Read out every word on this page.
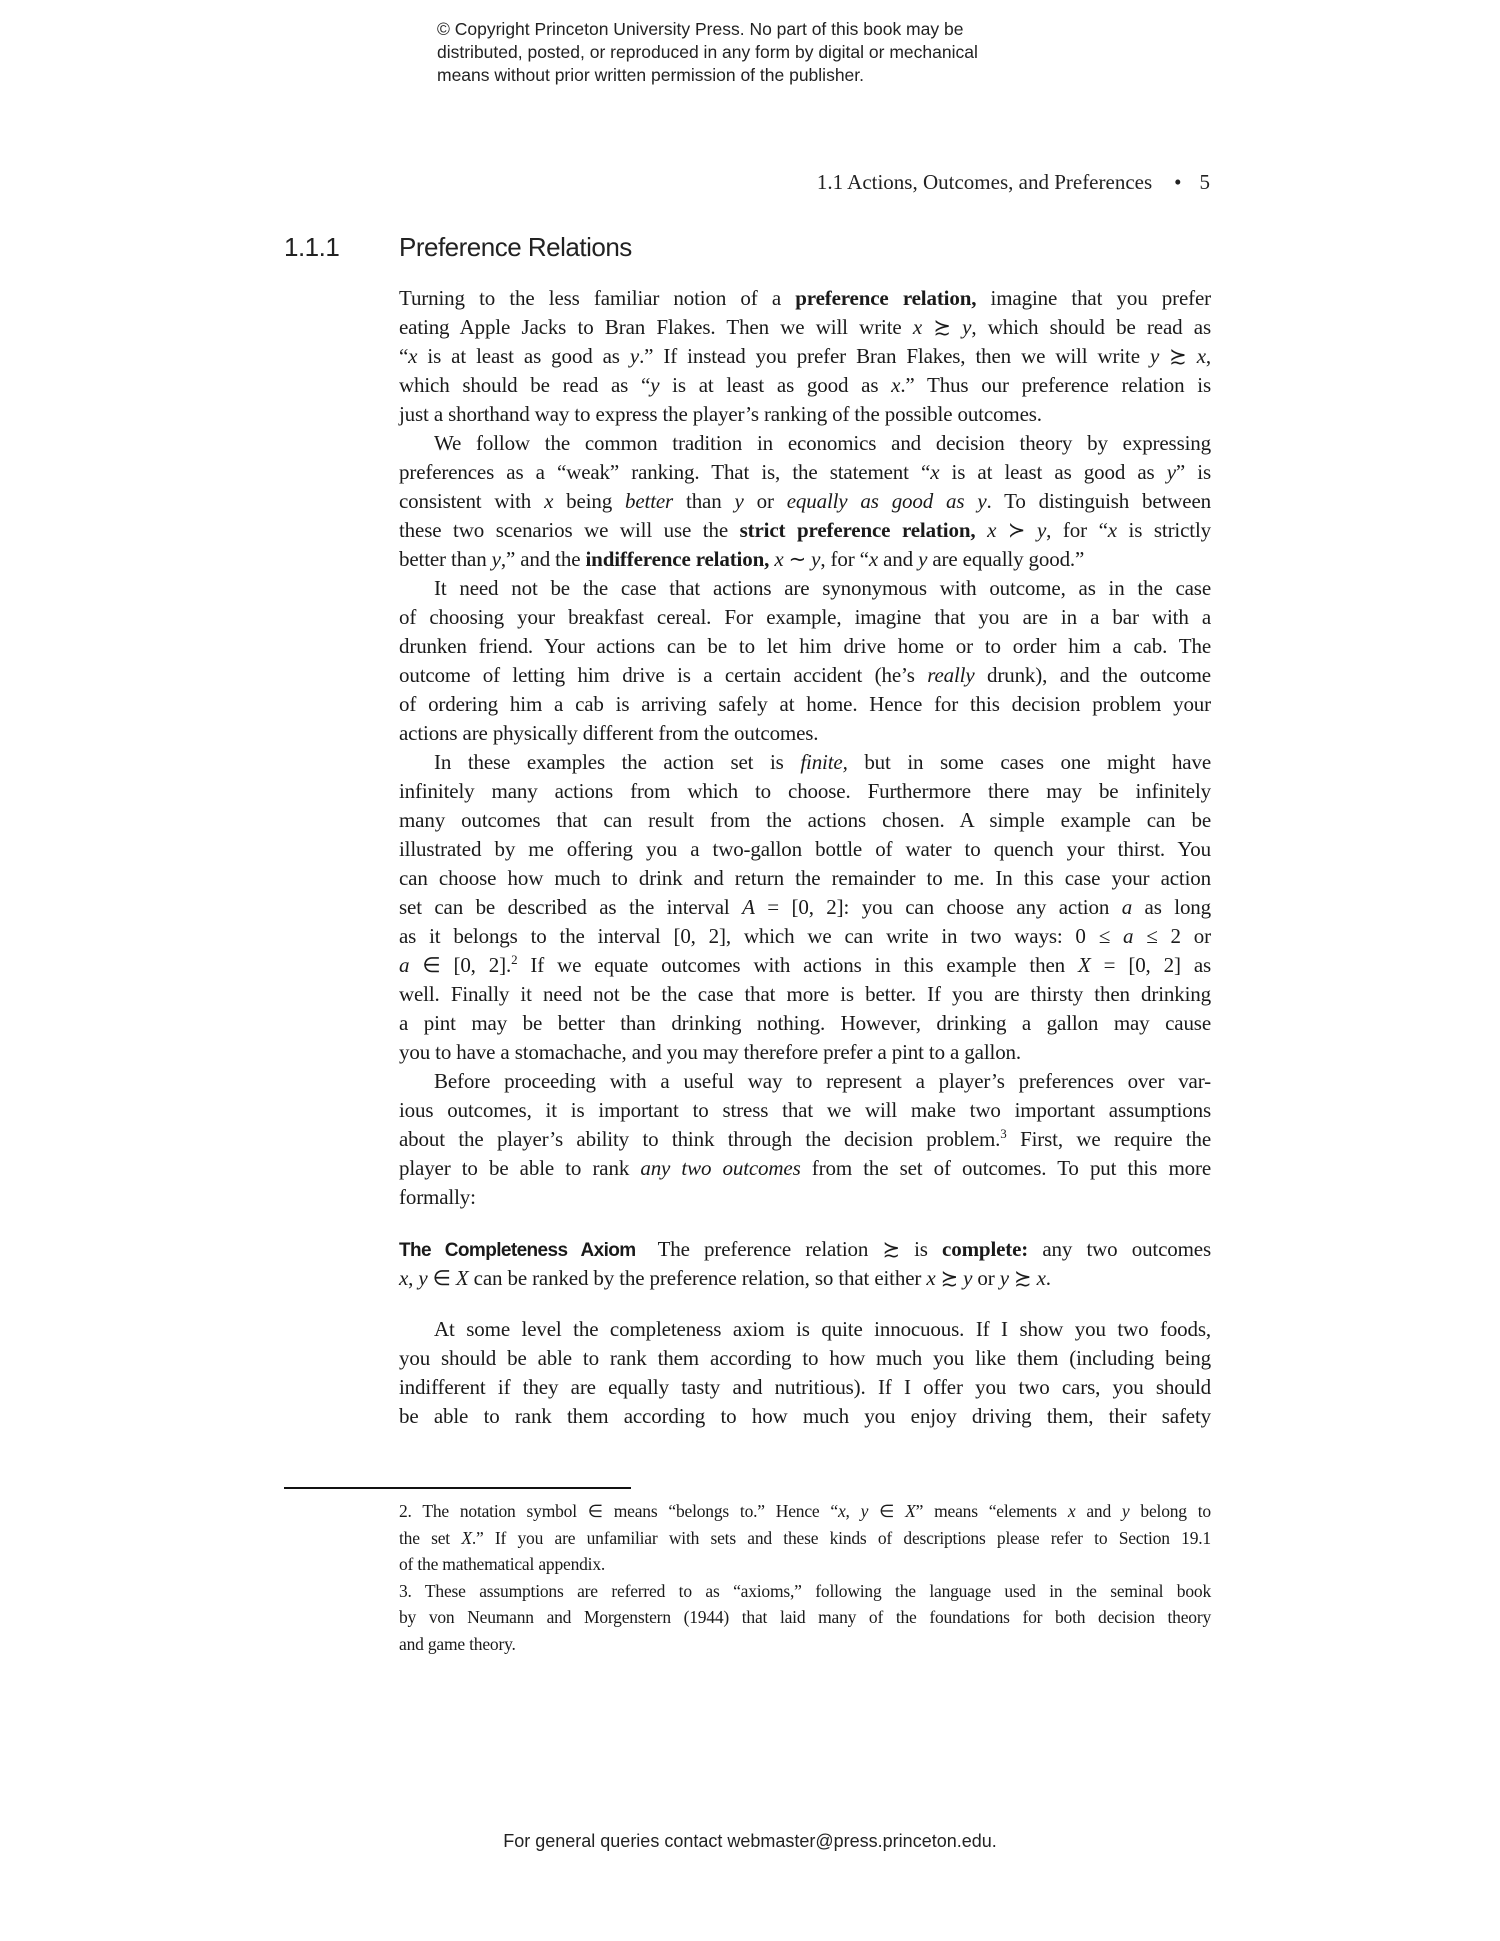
© Copyright Princeton University Press. No part of this book may be
distributed, posted, or reproduced in any form by digital or mechanical
means without prior written permission of the publisher.
1.1 Actions, Outcomes, and Preferences • 5
1.1.1 Preference Relations
Turning to the less familiar notion of a preference relation, imagine that you prefer
eating Apple Jacks to Bran Flakes. Then we will write x ≿ y, which should be read as
“x is at least as good as y.” If instead you prefer Bran Flakes, then we will write y ≿ x,
which should be read as “y is at least as good as x.” Thus our preference relation is
just a shorthand way to express the player’s ranking of the possible outcomes.
We follow the common tradition in economics and decision theory by expressing
preferences as a “weak” ranking. That is, the statement “x is at least as good as y” is
consistent with x being better than y or equally as good as y. To distinguish between
these two scenarios we will use the strict preference relation, x ≻ y, for “x is strictly
better than y,” and the indifference relation, x ∼ y, for “x and y are equally good.”
It need not be the case that actions are synonymous with outcome, as in the case
of choosing your breakfast cereal. For example, imagine that you are in a bar with a
drunken friend. Your actions can be to let him drive home or to order him a cab. The
outcome of letting him drive is a certain accident (he’s really drunk), and the outcome
of ordering him a cab is arriving safely at home. Hence for this decision problem your
actions are physically different from the outcomes.
In these examples the action set is finite, but in some cases one might have
infinitely many actions from which to choose. Furthermore there may be infinitely
many outcomes that can result from the actions chosen. A simple example can be
illustrated by me offering you a two-gallon bottle of water to quench your thirst. You
can choose how much to drink and return the remainder to me. In this case your action
set can be described as the interval A = [0, 2]: you can choose any action a as long
as it belongs to the interval [0, 2], which we can write in two ways: 0 ≤ a ≤ 2 or
a ∈ [0, 2].$^2$ If we equate outcomes with actions in this example then X = [0, 2] as
well. Finally it need not be the case that more is better. If you are thirsty then drinking
a pint may be better than drinking nothing. However, drinking a gallon may cause
you to have a stomachache, and you may therefore prefer a pint to a gallon.
Before proceeding with a useful way to represent a player’s preferences over var-
ious outcomes, it is important to stress that we will make two important assumptions
about the player’s ability to think through the decision problem.$^3$ First, we require the
player to be able to rank any two outcomes from the set of outcomes. To put this more
formally:
The Completeness Axiom The preference relation ≿ is complete: any two outcomes
x, y ∈ X can be ranked by the preference relation, so that either x ≿ y or y ≿ x.
At some level the completeness axiom is quite innocuous. If I show you two foods,
you should be able to rank them according to how much you like them (including being
indifferent if they are equally tasty and nutritious). If I offer you two cars, you should
be able to rank them according to how much you enjoy driving them, their safety
2. The notation symbol ∈ means “belongs to.” Hence “x, y ∈ X” means “elements x and y belong to
the set X.” If you are unfamiliar with sets and these kinds of descriptions please refer to Section 19.1
of the mathematical appendix.
3. These assumptions are referred to as “axioms,” following the language used in the seminal book
by von Neumann and Morgenstern (1944) that laid many of the foundations for both decision theory
and game theory.
For general queries contact webmaster@press.princeton.edu.
